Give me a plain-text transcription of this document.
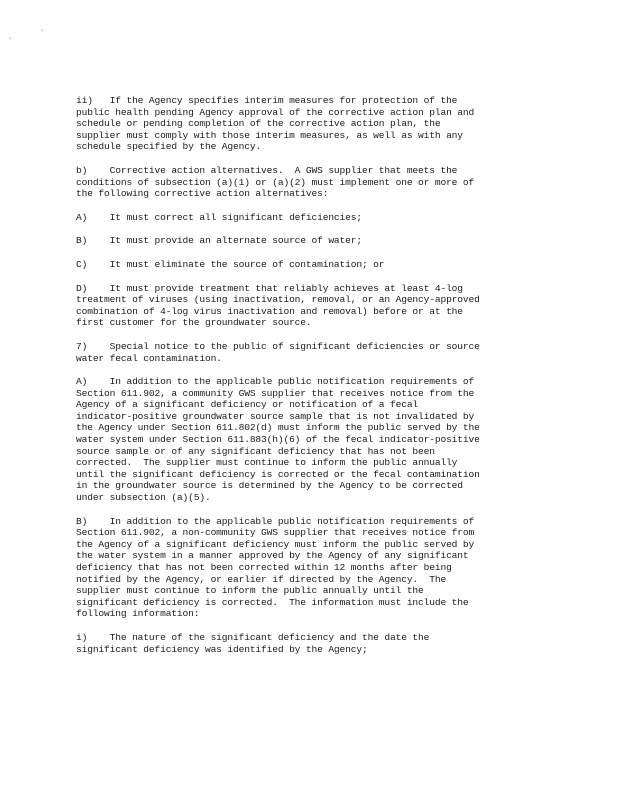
·
·

ii)   If the Agency specifies interim measures for protection of the
public health pending Agency approval of the corrective action plan and
schedule or pending completion of the corrective action plan, the
supplier must comply with those interim measures, as well as with any
schedule specified by the Agency.

b)    Corrective action alternatives.  A GWS supplier that meets the
conditions of subsection (a)(1) or (a)(2) must implement one or more of
the following corrective action alternatives:

A)    It must correct all significant deficiencies;

B)    It must provide an alternate source of water;

C)    It must eliminate the source of contamination; or

D)    It must provide treatment that reliably achieves at least 4-log
treatment of viruses (using inactivation, removal, or an Agency-approved
combination of 4-log virus inactivation and removal) before or at the
first customer for the groundwater source.

7)    Special notice to the public of significant deficiencies or source
water fecal contamination.

A)    In addition to the applicable public notification requirements of
Section 611.902, a community GWS supplier that receives notice from the
Agency of a significant deficiency or notification of a fecal
indicator-positive groundwater source sample that is not invalidated by
the Agency under Section 611.802(d) must inform the public served by the
water system under Section 611.883(h)(6) of the fecal indicator-positive
source sample or of any significant deficiency that has not been
corrected.  The supplier must continue to inform the public annually
until the significant deficiency is corrected or the fecal contamination
in the groundwater source is determined by the Agency to be corrected
under subsection (a)(5).

B)    In addition to the applicable public notification requirements of
Section 611.902, a non-community GWS supplier that receives notice from
the Agency of a significant deficiency must inform the public served by
the water system in a manner approved by the Agency of any significant
deficiency that has not been corrected within 12 months after being
notified by the Agency, or earlier if directed by the Agency.  The
supplier must continue to inform the public annually until the
significant deficiency is corrected.  The information must include the
following information:

i)    The nature of the significant deficiency and the date the
significant deficiency was identified by the Agency;
